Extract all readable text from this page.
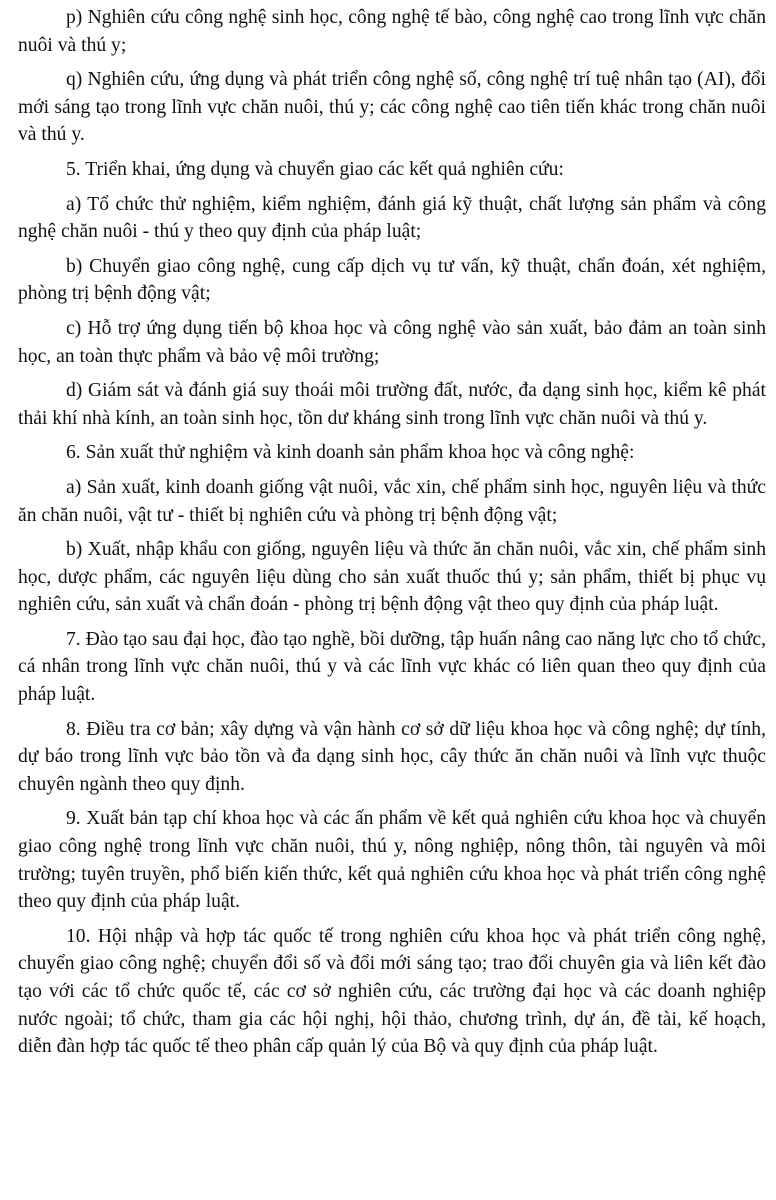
p) Nghiên cứu công nghệ sinh học, công nghệ tế bào, công nghệ cao trong lĩnh vực chăn nuôi và thú y;

q) Nghiên cứu, ứng dụng và phát triển công nghệ số, công nghệ trí tuệ nhân tạo (AI), đổi mới sáng tạo trong lĩnh vực chăn nuôi, thú y; các công nghệ cao tiên tiến khác trong chăn nuôi và thú y.

5. Triển khai, ứng dụng và chuyển giao các kết quả nghiên cứu:

a) Tổ chức thử nghiệm, kiểm nghiệm, đánh giá kỹ thuật, chất lượng sản phẩm và công nghệ chăn nuôi - thú y theo quy định của pháp luật;

b) Chuyển giao công nghệ, cung cấp dịch vụ tư vấn, kỹ thuật, chẩn đoán, xét nghiệm, phòng trị bệnh động vật;

c) Hỗ trợ ứng dụng tiến bộ khoa học và công nghệ vào sản xuất, bảo đảm an toàn sinh học, an toàn thực phẩm và bảo vệ môi trường;

d) Giám sát và đánh giá suy thoái môi trường đất, nước, đa dạng sinh học, kiểm kê phát thải khí nhà kính, an toàn sinh học, tồn dư kháng sinh trong lĩnh vực chăn nuôi và thú y.

6. Sản xuất thử nghiệm và kinh doanh sản phẩm khoa học và công nghệ:

a) Sản xuất, kinh doanh giống vật nuôi, vắc xin, chế phẩm sinh học, nguyên liệu và thức ăn chăn nuôi, vật tư - thiết bị nghiên cứu và phòng trị bệnh động vật;

b) Xuất, nhập khẩu con giống, nguyên liệu và thức ăn chăn nuôi, vắc xin, chế phẩm sinh học, dược phẩm, các nguyên liệu dùng cho sản xuất thuốc thú y; sản phẩm, thiết bị phục vụ nghiên cứu, sản xuất và chẩn đoán - phòng trị bệnh động vật theo quy định của pháp luật.

7. Đào tạo sau đại học, đào tạo nghề, bồi dưỡng, tập huấn nâng cao năng lực cho tổ chức, cá nhân trong lĩnh vực chăn nuôi, thú y và các lĩnh vực khác có liên quan theo quy định của pháp luật.

8. Điều tra cơ bản; xây dựng và vận hành cơ sở dữ liệu khoa học và công nghệ; dự tính, dự báo trong lĩnh vực bảo tồn và đa dạng sinh học, cây thức ăn chăn nuôi và lĩnh vực thuộc chuyên ngành theo quy định.

9. Xuất bản tạp chí khoa học và các ấn phẩm về kết quả nghiên cứu khoa học và chuyển giao công nghệ trong lĩnh vực chăn nuôi, thú y, nông nghiệp, nông thôn, tài nguyên và môi trường; tuyên truyền, phổ biến kiến thức, kết quả nghiên cứu khoa học và phát triển công nghệ theo quy định của pháp luật.

10. Hội nhập và hợp tác quốc tế trong nghiên cứu khoa học và phát triển công nghệ, chuyển giao công nghệ; chuyển đổi số và đổi mới sáng tạo; trao đổi chuyên gia và liên kết đào tạo với các tổ chức quốc tế, các cơ sở nghiên cứu, các trường đại học và các doanh nghiệp nước ngoài; tổ chức, tham gia các hội nghị, hội thảo, chương trình, dự án, đề tài, kế hoạch, diễn đàn hợp tác quốc tế theo phân cấp quản lý của Bộ và quy định của pháp luật.
